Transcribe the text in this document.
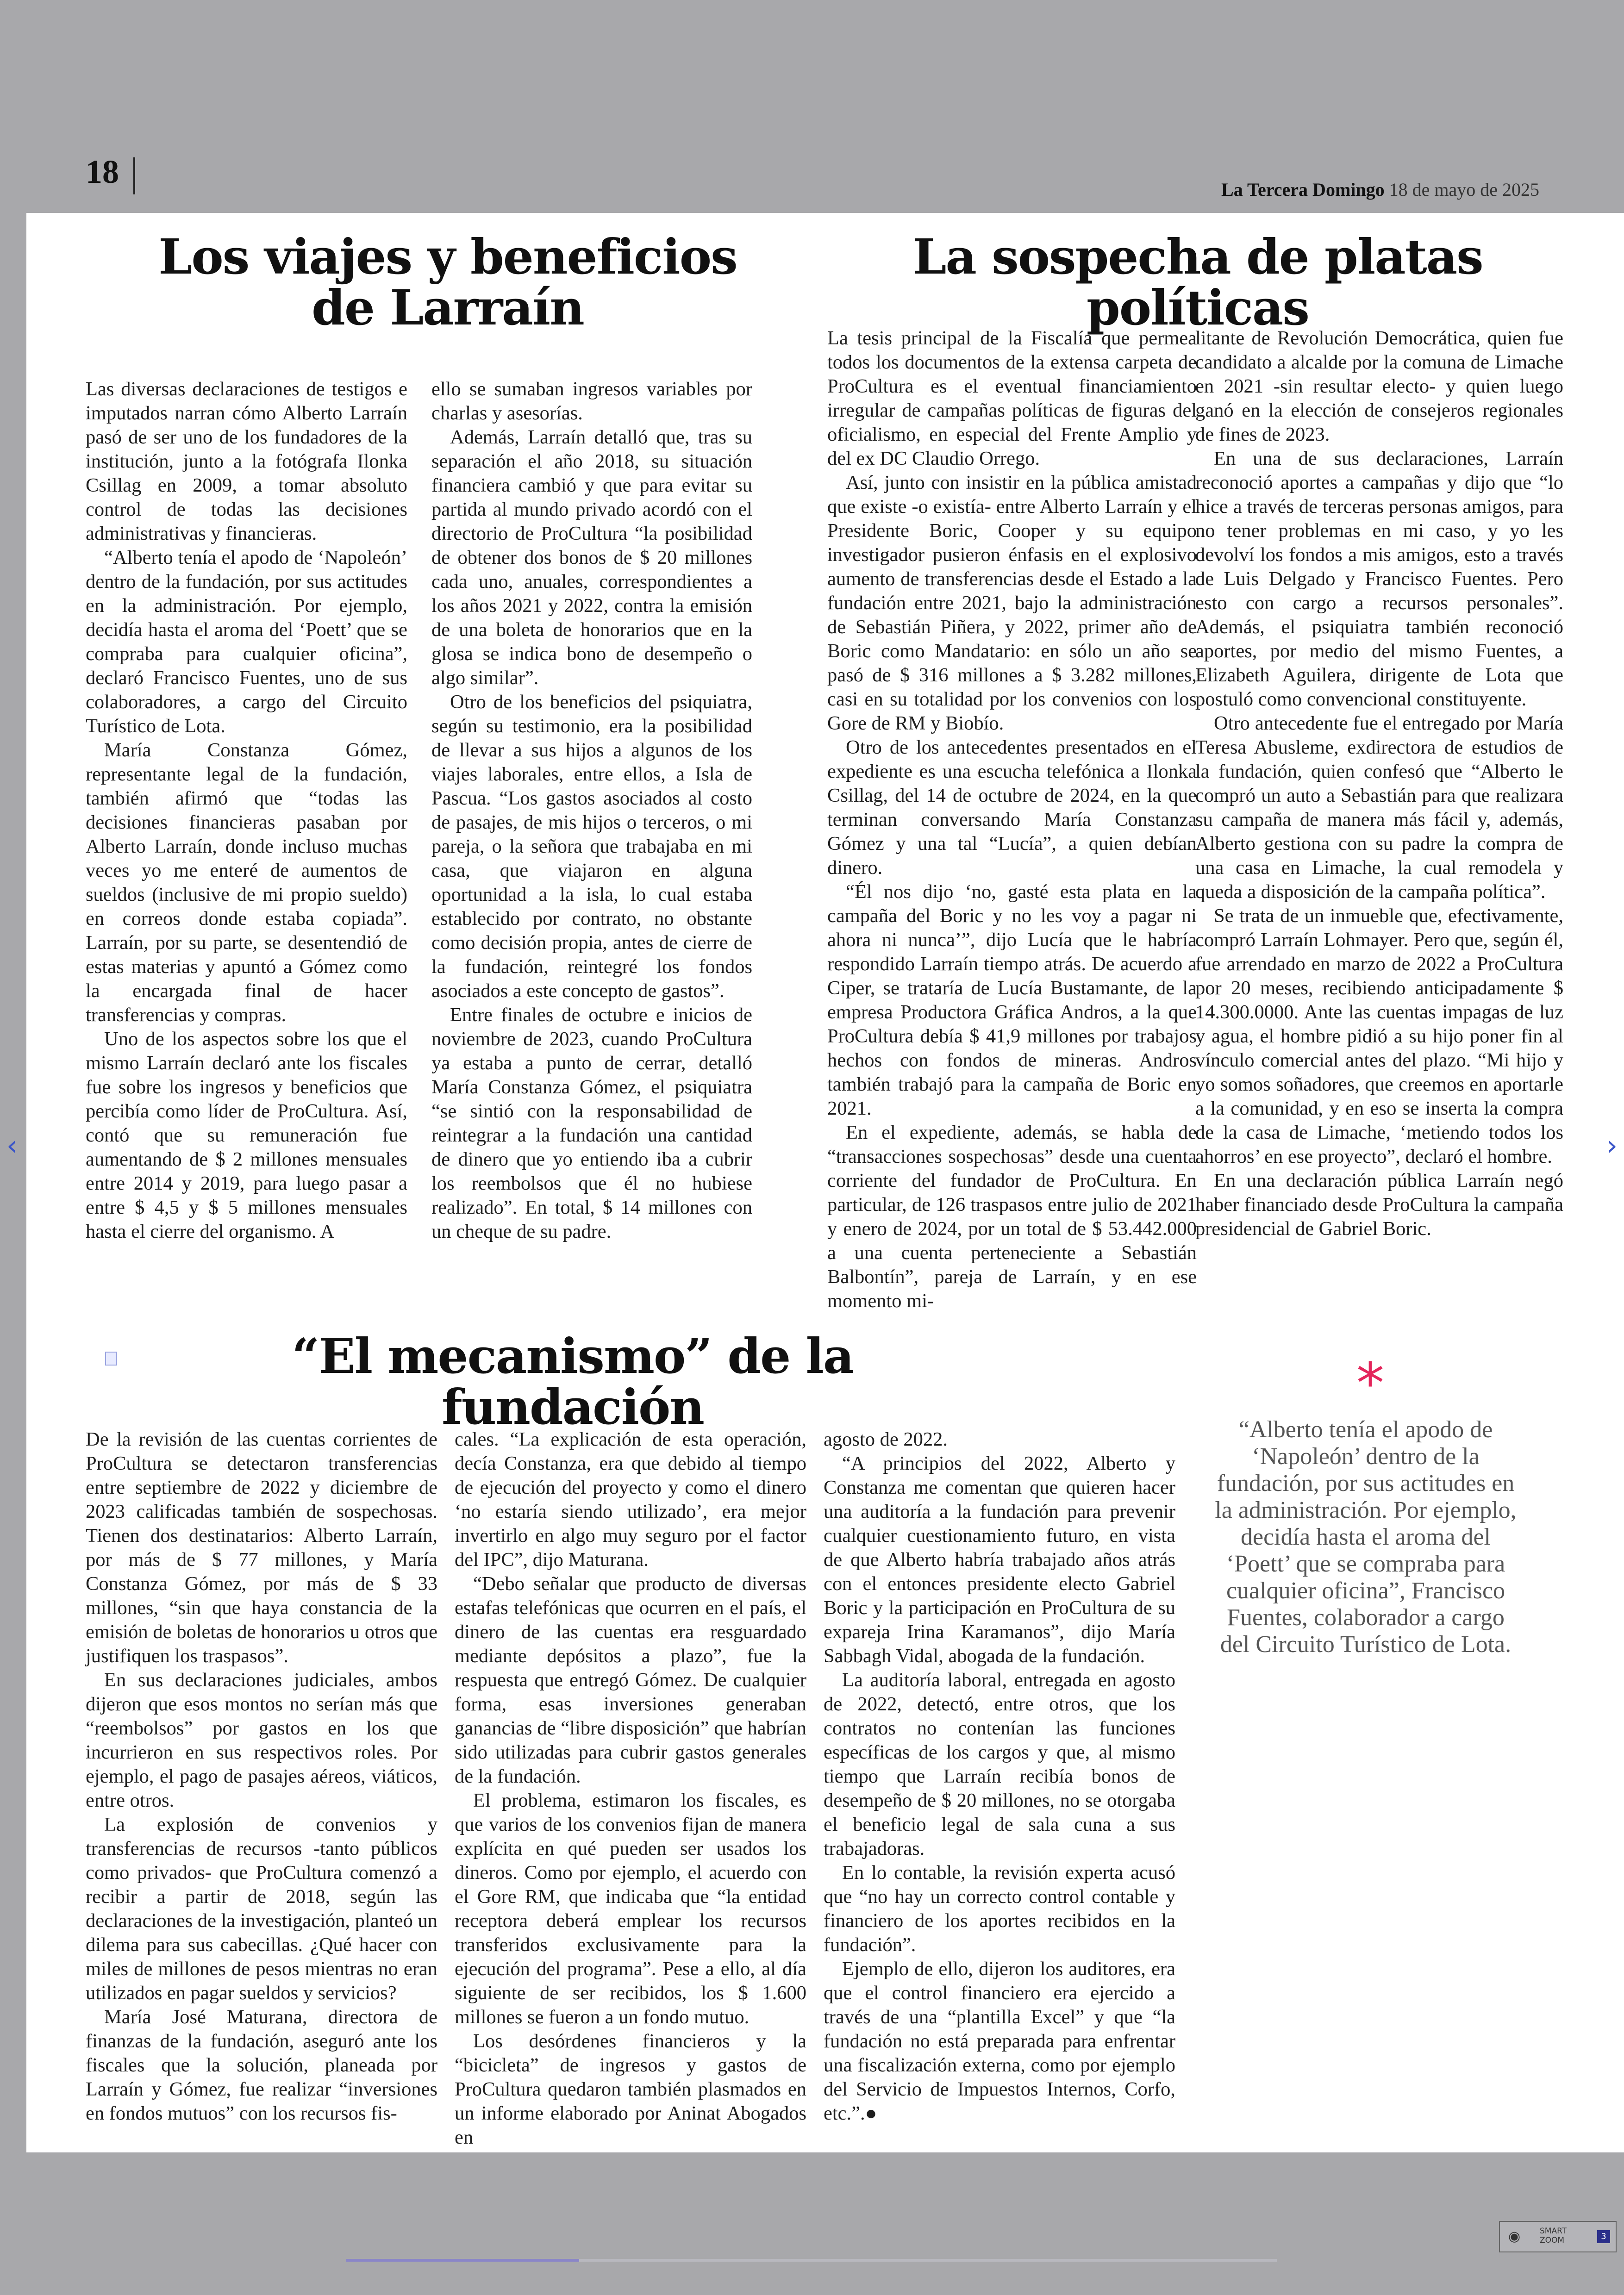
18	La Tercera Domingo 18 de mayo de 2025
Los viajes y beneficios
de Larraín

Las diversas declaraciones de testigos e imputados narran cómo Alberto Larraín pasó de ser uno de los fundadores de la institución, junto a la fotógrafa Ilonka Csillag en 2009, a tomar absoluto control de todas las decisiones administrativas y financieras.

“Alberto tenía el apodo de ‘Napoleón’ dentro de la fundación, por sus actitudes en la administración. Por ejemplo, decidía hasta el aroma del ‘Poett’ que se compraba para cualquier oficina”, declaró Francisco Fuentes, uno de sus colaboradores, a cargo del Circuito Turístico de Lota.

María Constanza Gómez, representante legal de la fundación, también afirmó que “todas las decisiones financieras pasaban por Alberto Larraín, donde incluso muchas veces yo me enteré de aumentos de sueldos (inclusive de mi propio sueldo) en correos donde estaba copiada”. Larraín, por su parte, se desentendió de estas materias y apuntó a Gómez como la encargada final de hacer transferencias y compras.

Uno de los aspectos sobre los que el mismo Larraín declaró ante los fiscales fue sobre los ingresos y beneficios que percibía como líder de ProCultura. Así, contó que su remuneración fue aumentando de $ 2 millones mensuales entre 2014 y 2019, para luego pasar a entre $ 4,5 y $ 5 millones mensuales hasta el cierre del organismo. A

ello se sumaban ingresos variables por charlas y asesorías.

Además, Larraín detalló que, tras su separación el año 2018, su situación financiera cambió y que para evitar su partida al mundo privado acordó con el directorio de ProCultura “la posibilidad de obtener dos bonos de $ 20 millones cada uno, anuales, correspondientes a los años 2021 y 2022, contra la emisión de una boleta de honorarios que en la glosa se indica bono de desempeño o algo similar”.

Otro de los beneficios del psiquiatra, según su testimonio, era la posibilidad de llevar a sus hijos a algunos de los viajes laborales, entre ellos, a Isla de Pascua. “Los gastos asociados al costo de pasajes, de mis hijos o terceros, o mi pareja, o la señora que trabajaba en mi casa, que viajaron en alguna oportunidad a la isla, lo cual estaba establecido por contrato, no obstante como decisión propia, antes de cierre de la fundación, reintegré los fondos asociados a este concepto de gastos”.

Entre finales de octubre e inicios de noviembre de 2023, cuando ProCultura ya estaba a punto de cerrar, detalló María Constanza Gómez, el psiquiatra “se sintió con la responsabilidad de reintegrar a la fundación una cantidad de dinero que yo entiendo iba a cubrir los reembolsos que él no hubiese realizado”. En total, $ 14 millones con un cheque de su padre.

La sospecha de platas políticas

La tesis principal de la Fiscalía que permea todos los documentos de la extensa carpeta de ProCultura es el eventual financiamiento irregular de campañas políticas de figuras del oficialismo, en especial del Frente Amplio y del ex DC Claudio Orrego.

Así, junto con insistir en la pública amistad que existe -o existía- entre Alberto Larraín y el Presidente Boric, Cooper y su equipo investigador pusieron énfasis en el explosivo aumento de transferencias desde el Estado a la fundación entre 2021, bajo la administración de Sebastián Piñera, y 2022, primer año de Boric como Mandatario: en sólo un año se pasó de $ 316 millones a $ 3.282 millones, casi en su totalidad por los convenios con los Gore de RM y Biobío.

Otro de los antecedentes presentados en el expediente es una escucha telefónica a Ilonka Csillag, del 14 de octubre de 2024, en la que terminan conversando María Constanza Gómez y una tal “Lucía”, a quien debían dinero.

“Él nos dijo ‘no, gasté esta plata en la campaña del Boric y no les voy a pagar ni ahora ni nunca’”, dijo Lucía que le habría respondido Larraín tiempo atrás. De acuerdo a Ciper, se trataría de Lucía Bustamante, de la empresa Productora Gráfica Andros, a la que ProCultura debía $ 41,9 millones por trabajos hechos con fondos de mineras. Andros también trabajó para la campaña de Boric en 2021.

En el expediente, además, se habla de “transacciones sospechosas” desde una cuenta corriente del fundador de ProCultura. En particular, de 126 traspasos entre julio de 2021 y enero de 2024, por un total de $ 53.442.000 a una cuenta perteneciente a Sebastián Balbontín”, pareja de Larraín, y en ese momento mi-

litante de Revolución Democrática, quien fue candidato a alcalde por la comuna de Limache en 2021 -sin resultar electo- y quien luego ganó en la elección de consejeros regionales de fines de 2023.

En una de sus declaraciones, Larraín reconoció aportes a campañas y dijo que “lo hice a través de terceras personas amigos, para no tener problemas en mi caso, y yo les devolví los fondos a mis amigos, esto a través de Luis Delgado y Francisco Fuentes. Pero esto con cargo a recursos personales”. Además, el psiquiatra también reconoció aportes, por medio del mismo Fuentes, a Elizabeth Aguilera, dirigente de Lota que postuló como convencional constituyente.

Otro antecedente fue el entregado por María Teresa Abusleme, exdirectora de estudios de la fundación, quien confesó que “Alberto le compró un auto a Sebastián para que realizara su campaña de manera más fácil y, además, Alberto gestiona con su padre la compra de una casa en Limache, la cual remodela y queda a disposición de la campaña política”.

Se trata de un inmueble que, efectivamente, compró Larraín Lohmayer. Pero que, según él, fue arrendado en marzo de 2022 a ProCultura por 20 meses, recibiendo anticipadamente $ 14.300.0000. Ante las cuentas impagas de luz y agua, el hombre pidió a su hijo poner fin al vínculo comercial antes del plazo. “Mi hijo y yo somos soñadores, que creemos en aportarle a la comunidad, y en eso se inserta la compra de la casa de Limache, ‘metiendo todos los ahorros’ en ese proyecto”, declaró el hombre.

En una declaración pública Larraín negó haber financiado desde ProCultura la campaña presidencial de Gabriel Boric.

“El mecanismo” de la fundación

De la revisión de las cuentas corrientes de ProCultura se detectaron transferencias entre septiembre de 2022 y diciembre de 2023 calificadas también de sospechosas. Tienen dos destinatarios: Alberto Larraín, por más de $ 77 millones, y María Constanza Gómez, por más de $ 33 millones, “sin que haya constancia de la emisión de boletas de honorarios u otros que justifiquen los traspasos”.

En sus declaraciones judiciales, ambos dijeron que esos montos no serían más que “reembolsos” por gastos en los que incurrieron en sus respectivos roles. Por ejemplo, el pago de pasajes aéreos, viáticos, entre otros.

La explosión de convenios y transferencias de recursos -tanto públicos como privados- que ProCultura comenzó a recibir a partir de 2018, según las declaraciones de la investigación, planteó un dilema para sus cabecillas. ¿Qué hacer con miles de millones de pesos mientras no eran utilizados en pagar sueldos y servicios?

María José Maturana, directora de finanzas de la fundación, aseguró ante los fiscales que la solución, planeada por Larraín y Gómez, fue realizar “inversiones en fondos mutuos” con los recursos fis-

cales. “La explicación de esta operación, decía Constanza, era que debido al tiempo de ejecución del proyecto y como el dinero ‘no estaría siendo utilizado’, era mejor invertirlo en algo muy seguro por el factor del IPC”, dijo Maturana.

“Debo señalar que producto de diversas estafas telefónicas que ocurren en el país, el dinero de las cuentas era resguardado mediante depósitos a plazo”, fue la respuesta que entregó Gómez. De cualquier forma, esas inversiones generaban ganancias de “libre disposición” que habrían sido utilizadas para cubrir gastos generales de la fundación.

El problema, estimaron los fiscales, es que varios de los convenios fijan de manera explícita en qué pueden ser usados los dineros. Como por ejemplo, el acuerdo con el Gore RM, que indicaba que “la entidad receptora deberá emplear los recursos transferidos exclusivamente para la ejecución del programa”. Pese a ello, al día siguiente de ser recibidos, los $ 1.600 millones se fueron a un fondo mutuo.

Los desórdenes financieros y la “bicicleta” de ingresos y gastos de ProCultura quedaron también plasmados en un informe elaborado por Aninat Abogados en

agosto de 2022.

“A principios del 2022, Alberto y Constanza me comentan que quieren hacer una auditoría a la fundación para prevenir cualquier cuestionamiento futuro, en vista de que Alberto habría trabajado años atrás con el entonces presidente electo Gabriel Boric y la participación en ProCultura de su expareja Irina Karamanos”, dijo María Sabbagh Vidal, abogada de la fundación.

La auditoría laboral, entregada en agosto de 2022, detectó, entre otros, que los contratos no contenían las funciones específicas de los cargos y que, al mismo tiempo que Larraín recibía bonos de desempeño de $ 20 millones, no se otorgaba el beneficio legal de sala cuna a sus trabajadoras.

En lo contable, la revisión experta acusó que “no hay un correcto control contable y financiero de los aportes recibidos en la fundación”.

Ejemplo de ello, dijeron los auditores, era que el control financiero era ejercido a través de una “plantilla Excel” y que “la fundación no está preparada para enfrentar una fiscalización externa, como por ejemplo del Servicio de Impuestos Internos, Corfo, etc.”.●

*

“Alberto tenía el apodo de ‘Napoleón’ dentro de la fundación, por sus actitudes en la administración. Por ejemplo, decidía hasta el aroma del ‘Poett’ que se compraba para cualquier oficina”, Francisco Fuentes, colaborador a cargo del Circuito Turístico de Lota.

‹	›
◉ SMART
ZOOM	3
